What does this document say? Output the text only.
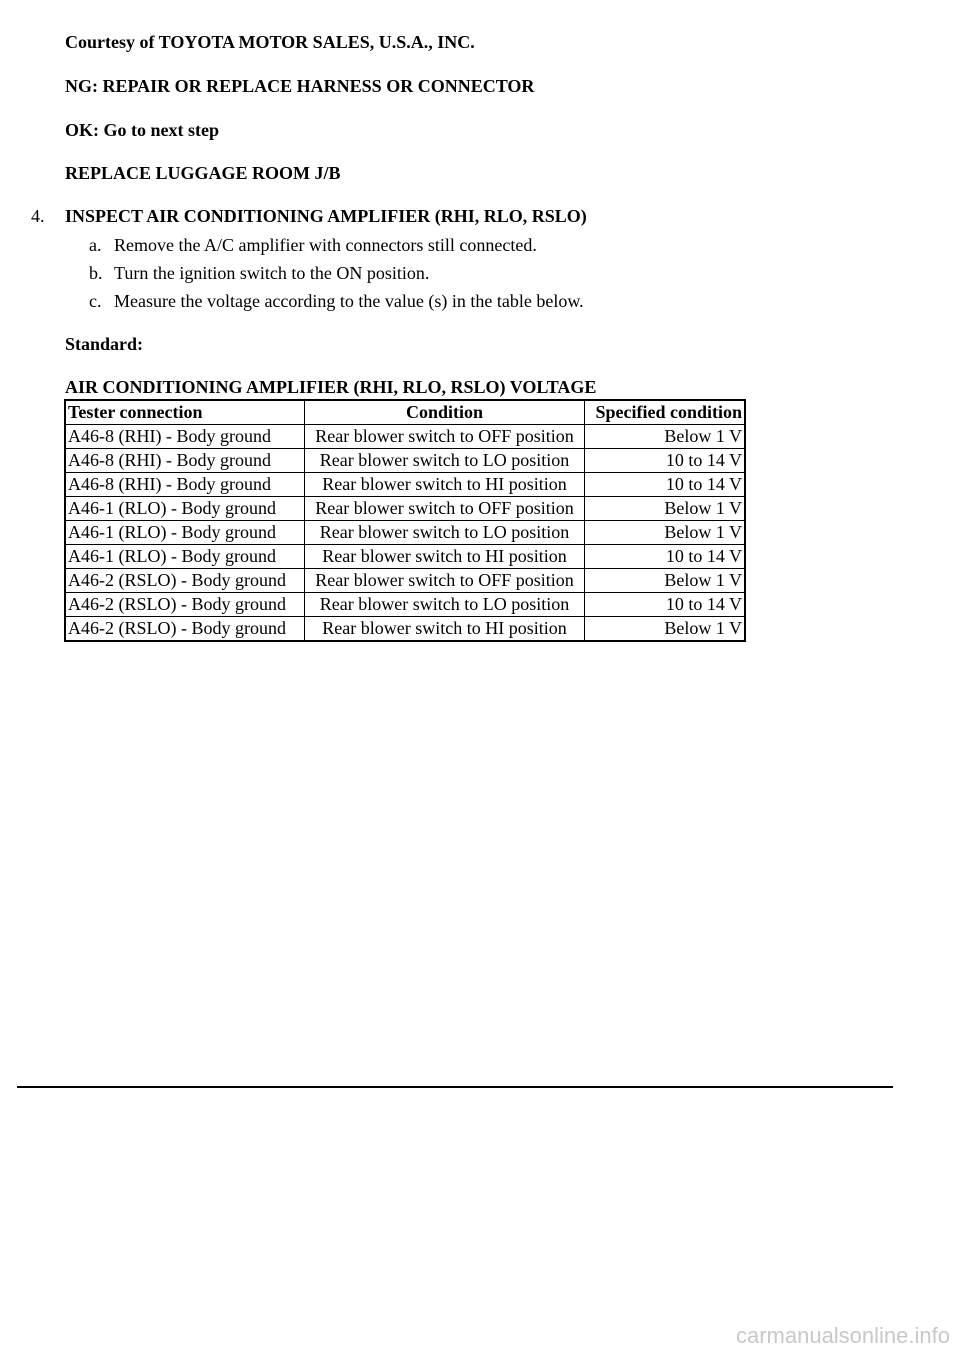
Courtesy of TOYOTA MOTOR SALES, U.S.A., INC.
NG: REPAIR OR REPLACE HARNESS OR CONNECTOR
OK: Go to next step
REPLACE LUGGAGE ROOM J/B
4. INSPECT AIR CONDITIONING AMPLIFIER (RHI, RLO, RSLO)
a. Remove the A/C amplifier with connectors still connected.
b. Turn the ignition switch to the ON position.
c. Measure the voltage according to the value (s) in the table below.
Standard:
AIR CONDITIONING AMPLIFIER (RHI, RLO, RSLO) VOLTAGE
Tester connection	Condition	Specified condition
A46-8 (RHI) - Body ground	Rear blower switch to OFF position	Below 1 V
A46-8 (RHI) - Body ground	Rear blower switch to LO position	10 to 14 V
A46-8 (RHI) - Body ground	Rear blower switch to HI position	10 to 14 V
A46-1 (RLO) - Body ground	Rear blower switch to OFF position	Below 1 V
A46-1 (RLO) - Body ground	Rear blower switch to LO position	Below 1 V
A46-1 (RLO) - Body ground	Rear blower switch to HI position	10 to 14 V
A46-2 (RSLO) - Body ground	Rear blower switch to OFF position	Below 1 V
A46-2 (RSLO) - Body ground	Rear blower switch to LO position	10 to 14 V
A46-2 (RSLO) - Body ground	Rear blower switch to HI position	Below 1 V
carmanualsonline.info
